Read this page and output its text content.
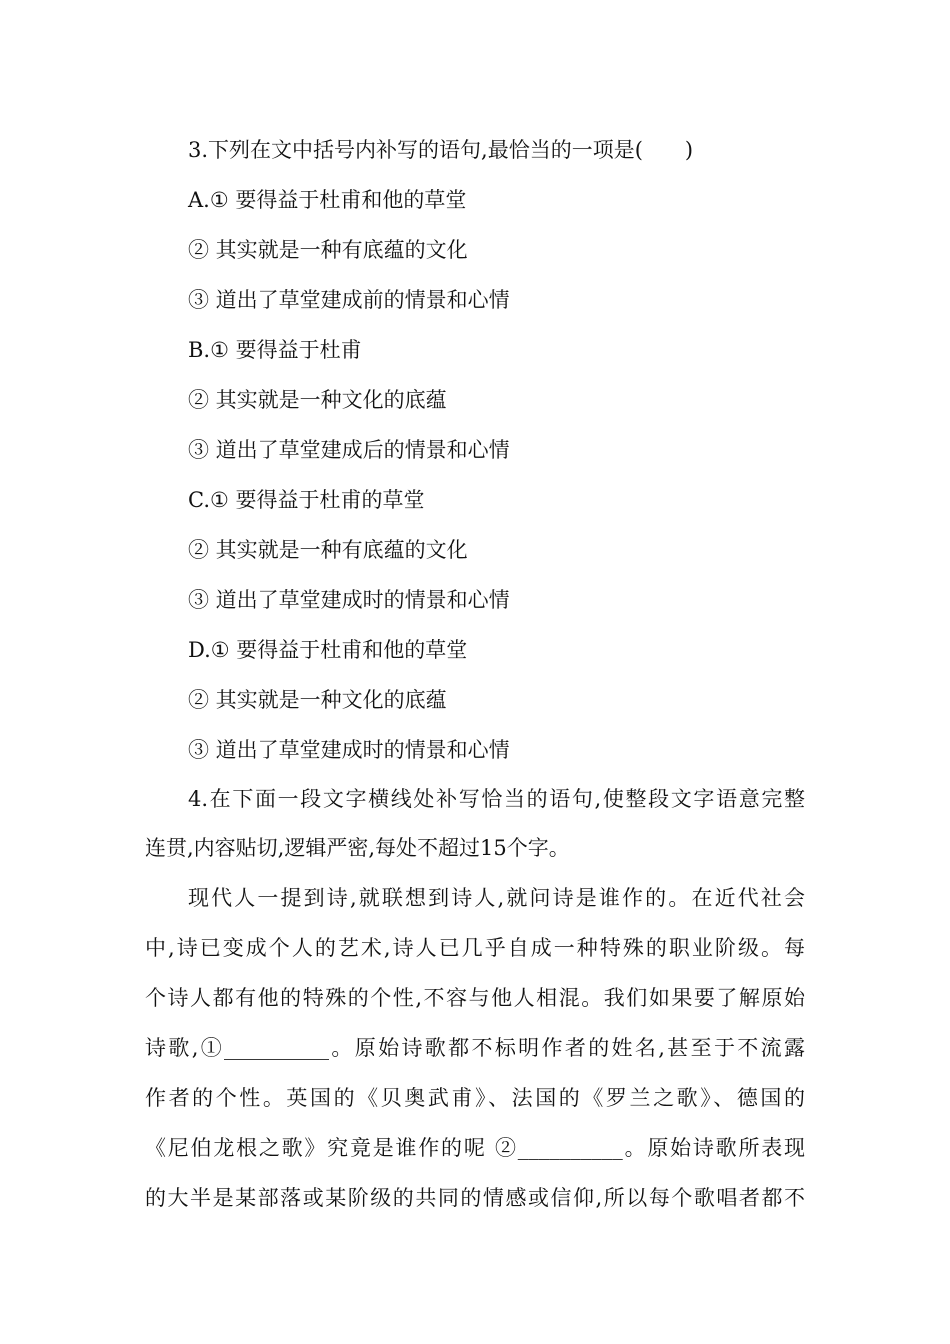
3.下列在文中括号内补写的语句,最恰当的一项是(　　)
A.① 要得益于杜甫和他的草堂
② 其实就是一种有底蕴的文化
③ 道出了草堂建成前的情景和心情
B.① 要得益于杜甫
② 其实就是一种文化的底蕴
③ 道出了草堂建成后的情景和心情
C.① 要得益于杜甫的草堂
② 其实就是一种有底蕴的文化
③ 道出了草堂建成时的情景和心情
D.① 要得益于杜甫和他的草堂
② 其实就是一种文化的底蕴
③ 道出了草堂建成时的情景和心情
4.在下面一段文字横线处补写恰当的语句,使整段文字语意完整
连贯,内容贴切,逻辑严密,每处不超过15个字。
现代人一提到诗,就联想到诗人,就问诗是谁作的。在近代社会
中,诗已变成个人的艺术,诗人已几乎自成一种特殊的职业阶级。每
个诗人都有他的特殊的个性,不容与他人相混。我们如果要了解原始
诗歌,①__________。原始诗歌都不标明作者的姓名,甚至于不流露
作者的个性。英国的《贝奥武甫》、法国的《罗兰之歌》、德国的
《尼伯龙根之歌》究竟是谁作的呢 ②__________。原始诗歌所表现
的大半是某部落或某阶级的共同的情感或信仰,所以每个歌唱者都不
